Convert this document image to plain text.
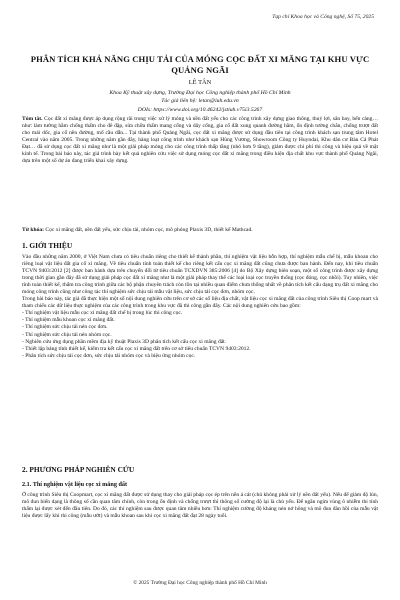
Tạp chí Khoa học và Công nghệ, Số 75, 2025
PHÂN TÍCH KHẢ NĂNG CHỊU TẢI CỦA MÓNG CỌC ĐẤT XI MĂNG TẠI KHU VỰC QUẢNG NGÃI
LÊ TÂN
Khoa Kỹ thuật xây dựng, Trường Đại học Công nghiệp thành phố Hồ Chí Minh
Tác giả liên hệ: letan@iuh.edu.vn
DOIs: https://www.doi.org/10.46242/jstiuh.v75i3.5267

Tóm tắt. Cọc đất xi măng được áp dụng rộng rãi trong việc xử lý móng và nền đất yếu cho các công trình xây dựng giao thông, thuỷ lợi, sân bay, bến cảng…như: làm tường hầm chống thấm cho đê đập, sửa chữa thấm mang cống và dây cống, gia cố đất xung quanh đường hầm, ổn định tường chắn, chống trượt đất cho mái dốc, gia cố nền đường, mố cầu dẫn... Tại thành phố Quảng Ngãi, cọc đất xi măng được sử dụng đầu tiên tại công trình khách sạn trung tâm Hotel Central vào năm 2005. Trong những năm gần đây, hàng loạt công trình như khách sạn Hùng Vương, Showroom Công ty Huyndai, Khu dân cư Bàu Cả Phát Đạt… đã sử dụng cọc đất xi măng như là một giải pháp móng cho các công trình thấp tầng (nhỏ hơn 9 tầng), giảm được chi phí thi công và hiệu quả về mặt kinh tế. Trong bài báo này, tác giả trình bày kết quả nghiên cứu việc sử dụng móng cọc đất xi măng trong điều kiện địa chất khu vực thành phố Quảng Ngãi, dựa trên một số dự án đang triển khai xây dựng.

Từ khóa: Cọc xi măng đất, nền đất yếu, sức chịu tải, nhóm cọc, mô phỏng Plaxis 3D, thiết kế Mathcad.

1. GIỚI THIỆU
Vào đầu những năm 2000, ở Việt Nam chưa có tiêu chuẩn riêng cho thiết kế thành phần, thí nghiệm vật liệu hỗn hợp, thí nghiệm mẫu chế bị, mẫu khoan cho riêng loại vật liệu đất gia cố xi măng. Về tiêu chuẩn tính toán thiết kế cho riêng kết cấu cọc xi măng đất cũng chưa được ban hành. Đến nay, khi tiêu chuẩn TCVN 9403:2012 [2] được ban hành dựa trên chuyển đổi từ tiêu chuẩn TCXDVN 385:2006 [4] do Bộ Xây dựng biên soạn, một số công trình được xây dựng trong thời gian gần đây đã sử dụng giải pháp cọc đất xi măng như là một giải pháp thay thế các loại loại cọc truyền thống (cọc đóng, cọc nhồi). Tuy nhiên, việc tính toán thiết kế, thẩm tra công trình giữa các bộ phận chuyên trách còn tồn tại nhiều quan điểm chưa thống nhất về phân tích kết cấu dạng trụ đất xi măng cho móng công trình cũng như công tác thí nghiệm sức chịu tải mẫu vật liệu, sức chịu tải cọc đơn, nhóm cọc.
Trong bài báo này, tác giả đã thực hiện một số nội dung nghiên cứu trên cơ sở các số liệu địa chất, vật liệu cọc xi măng đất của công trình Siêu thị Coop mart và tham chiếu các dữ liệu thực nghiệm của các công trình trong khu vực đã thi công gần đây. Các nội dung nghiên cứu bao gồm:
- Thí nghiệm vật liệu mẫu cọc xi măng đất chế bị trong lúc thi công cọc.
- Thí nghiệm mẫu khoan cọc xi măng đất.
- Thí nghiệm sức chịu tải nén cọc đơn.
- Thí nghiệm sức chịu tải nén nhóm cọc.
- Nghiên cứu ứng dụng phần mềm địa kỹ thuật Plaxis 3D phân tích kết cấu cọc xi măng đất.
- Thiết lập bảng tính thiết kế, kiểm tra kết cấu cọc xi măng đất trên cơ sở tiêu chuẩn TCVN 9403:2012.
- Phân tích sức chịu tải cọc đơn, sức chịu tải nhóm cọc và hiệu ứng nhóm cọc.
2. PHƯƠNG PHÁP NGHIÊN CỨU
2.1. Thí nghiệm vật liệu cọc xi măng đất

Ở công trình Siêu thị Coopmart, cọc xi măng đất được sử dụng thay cho giải pháp cọc ép trên nền á cát (chủ không phải xử lý nền đất yếu). Nếu để giảm độ lún, mô đun biến dạng là thông số cần quan tâm chính, còn trong ổn định và chống trượt thì thông số cường độ lại là chủ yếu. Để ngăn ngừa vùng ô nhiễm thi tính thấm lại được xét đến đầu tiên. Do đó, các thí nghiệm sau được quan tâm nhiều hơn: Thí nghiệm cường độ kháng nén nở hông và mô đun đàn hồi của mẫu vật liệu được lấy khi thi công (mẫu ướt) và mẫu khoan sau khi cọc xi măng đất đạt 28 ngày tuổi.

© 2025 Trường Đại học Công nghiệp thành phố Hồ Chí Minh
